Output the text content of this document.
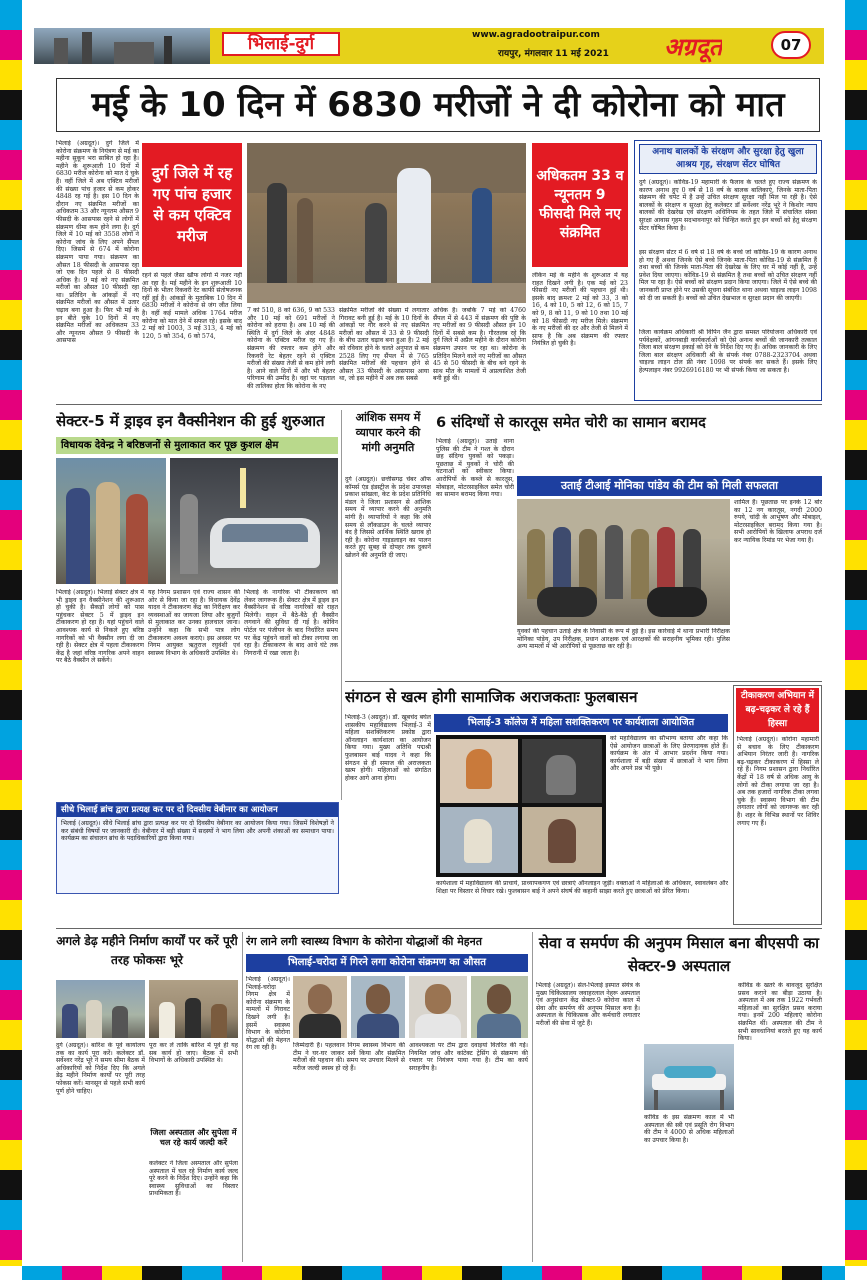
भिलाई-दुर्ग	www.agradootraipur.com
रायपुर, मंगलवार 11 मई 2021 अग्रदूत	07
मई के 10 दिन में 6830 मरीजों ने दी कोरोना को मात
भिलाई (अग्रदूत)। दुर्ग जिले में कोरोना संक्रमण के नियंत्रण से मई का महीना सुकून भरा साबित हो रहा है। महीने के शुरूआती 10 दिनों में 6830 मरीज कोरोना को मात दे चुके हैं। वहीं जिले में अब एक्टिव मरीजों की संख्या पांच हजार से कम होकर 4848 रह गई है। इस 10 दिन के दौरान नए संक्रमित मरीजों का अधिकतम 33 और न्यूनतम औसत 9 फीसदी के आसपास रहने से लोगों में संक्रमण धीमा कम होने लगा है। दुर्ग जिले में 10 मई को 3558 लोगों ने कोरोना जांच के लिए अपने सैंपल दिए। जिसमें से 674 में कोरोना संक्रमण पाया गया। संक्रमण का औसत 18 फीसदी के आसपास रहा जो एक दिन पहले से 8 फीसदी अधिक है। 9 मई को नए संक्रमित मरीजों का औसत 10 फीसदी रहा था। प्रतिदिन के आंकड़ों में नए संक्रमित मरीजों का औसत में उतार चढ़ाव बना हुआ है। फिर भी मई के इन बीते चुके 10 दिनों में नए संक्रमित मरीजों का अधिकतम 33 और न्यूनतम औसत 9 फीसदी के आसपास
दुर्ग जिले में रह गए पांच हजार से कम एक्टिव मरीज
अधिकतम 33 व न्यूनतम 9 फीसदी मिले नए संक्रमित
रहने से पहले जैसा खौफ लोगों में नजर नहीं आ रहा है। मई महीने के इन शुरूआती 10 दिनों के भीतर रिकवरी रेट काफी संतोषजनक रहीं हुई है। आंकड़ों के मुताबिक 10 दिन में 6830 मरीजों ने कोरोना से जंग जीत लिया है। वहीं कई मामले अधिक 1764 मरीज कोरोना को मात देने में सफल रहे। इसके बाद 2 मई को 1003, 3 मई 313, 4 मई को 120, 5 को 354, 6 को 574,
7 को 510, 8 को 636, 9 को 533 और 10 मई को 691 मरीजों ने कोरोना को हराया है। अब 10 मई की स्थिति में दुर्ग जिले के अंदर 4848 कोरोना के एक्टिव मरीज रह गए हैं। संक्रमण की रफ्तार कम होने और रिकवरी रेट बेहतर रहने से एक्टिव मरीजों की संख्या तेजी से कम होने लगी है। आने वाले दिनों में और भी बेहतर परिणाम की उम्मीद है। वहां पर पड़ताल की तालिका होता कि कोरोना के नए
संक्रमित मरीजों की संख्या में लगातार गिरावट बनी हुई है। मई के 10 दिनों के आंकड़ों पर गौर करने से नए संक्रमित मरीजों का औसत में 33 से 9 फीसदी के बीच उतार चढ़ाव बना हुआ है। 2 मई को रविवार होने के चलते अनुपात से कम 2528 लिए गए सैंपल में से 765 संक्रमित मरीजों की पहचान होने से औसत 33 फीसदी के आसपास आया था, जो इस महीने में अब तक सबसे
अधिक है। जबकि 7 मई को 4760 सैंपल में से 443 में संक्रमण की पुष्टि के नए मरीजों का 9 फीसदी औसत इन 10 दिनों में सबसे कम है। गौरतलब रहे कि दुर्ग जिले में अप्रैल महीने के दौरान कोरोना संक्रमण उफान पर रहा था। कोरोना के प्रतिदिन मिलने वाले नए मरीजों का औसत 45 से 50 फीसदी के बीच बने रहने के साथ मौत के मामलों में अप्रत्याशित तेजी बनी हुई थी।
लेकिन मई के महीने के शुरूआत में यह राहत दिखने लगी है। एक मई को 23 फीसदी नए मरीजों की पहचान हुई थी। इसके बाद क्रमशः 2 मई को 33, 3 को 16, 4 को 10, 5 को 12, 6 को 15, 7 को 9, 8 को 11, 9 को 10 तथा 10 मई को 18 फीसदी नए मरीज मिले। संक्रमण के नए मरीजों की दर और तेजी से मिलने में साफ है कि अब संक्रमण की रफ्तार नियंत्रित हो चुकी है।
अनाथ बालकों के संरक्षण और सुरक्षा हेतु खुला आश्रय गृह, संरक्षण सेंटर घोषित
दुर्ग (अग्रदूत)। कोविड-19 महामारी के फैलाव के चलते हुए राज्य संक्रमण के कारण अनाथ हुए 0 वर्ष से 18 वर्ष के बालक बालिकाएं, जिनके माता-पिता संक्रमण की चपेट में है उन्हें उचित संरक्षण सुरक्षा नहीं मिल पा रही है। ऐसे बालकों के संरक्षण व सुरक्षा हेतु कलेक्टर डॉ सर्वेश्वर नरेंद्र भूरे ने किशोर न्याय बालकों की देखरेख एवं संरक्षण अधिनियम के तहत जिले में संचालित संस्था सुरक्षा आवास गृहम सदभावनापुर को चिन्हित करते हुए इन बच्चों को हेतु संरक्षण सेंटर घोषित किया है।
इस संरक्षण सेंटर में 6 वर्ष से 18 वर्ष के बच्चे जो कोविड-19 के कारण अनाथ हो गए हैं अथवा जिनके ऐसे बच्चे जिनके माता-पिता कोविड-19 से संक्रमित हैं तथा बच्चों की जिनके माता-पिता की देखरेख के लिए घर में कोई नहीं है, उन्हें प्रवेश दिया जाएगा। कोविड-19 से संक्रमित है तथा बच्चों को उचित संरक्षण नहीं मिल पा रहा है। ऐसे बच्चों को संरक्षण प्रदान किया जाएगा। जिले में ऐसे बच्चे की जानकारी प्राप्त होने पर उसकी सूचना संबंधित थाना अथवा चाइल्ड लाइन 1098 को दी जा सकती है। बच्चों को उचित देखभाल व सुरक्षा प्रदान की जाएगी।
जिला कार्यक्रम अधिकारी श्री विपिन जैन द्वारा समस्त परियोजना अधिकारी एवं पर्यवेक्षकों, आंगनबाड़ी कार्यकर्ताओं को ऐसे अनाथ बच्चों की जानकारी तत्काल जिला बाल संरक्षण इकाई को देने के निर्देश दिए गए हैं। अधिक जानकारी के लिए जिला बाल संरक्षण अधिकारी श्री के संपर्क नंबर 0788-2323704 अथवा चाइल्ड लाइन टोल फ्री नंबर 1098 पर संपर्क कर सकते हैं। इसके लिए हेल्पलाइन नंबर 9926916180 पर भी संपर्क किया जा सकता है।
सेक्टर-5 में ड्राइव इन वैक्सीनेशन की हुई शुरुआत
विधायक देवेन्द्र ने बरिष्ठजनों से मुलाकात कर पूछ कुशल क्षेम
भिलाई (अग्रदूत)। भिलाई सेक्टर क्षेत्र में भी ड्राइव इन वैक्सीनेशन की शुरूआत हो चुकी है। सैकड़ों लोगों को पास पहुंचकर सेक्टर 5 में ड्राइव इन टीकाकरण हो रहा है। यहां पहुंचने वाले आवश्यक कार्य से निकले हुए बरिष्ठ नागरिकों को भी वैक्सीन लगा दी जा रही है। सेक्टर क्षेत्र में पहला टीकाकरण केंद्र है जहां वरिष्ठ नागरिक अपने वाहन पर बैठे वैक्सीन ले सकेंगे।
यह निगम प्रशासन एवं राज्य शासन की ओर से किया जा रहा है। विधायक देवेंद्र यादव ने टीकाकरण केंद्र का निरीक्षण कर व्यवस्थाओं का जायजा लिया और बुजुर्गों से मुलाकात कर उनका हालचाल जाना। उन्होंने कहा कि सभी पात्र लोग टीकाकरण अवश्य कराएं। इस अवसर पर निगम आयुक्त ऋतुराज रघुवंशी एवं स्वास्थ्य विभाग के अधिकारी उपस्थित थे।
भिलाई के नागरिक भी टीकाकरण को लेकर जागरूक हैं। सेक्टर क्षेत्र में ड्राइव इन वैक्सीनेशन से वरिष्ठ नागरिकों को राहत मिलेगी। वाहन में बैठे-बैठे ही वैक्सीन लगवाने की सुविधा दी गई है। कोविन पोर्टल पर पंजीयन के बाद निर्धारित समय पर केंद्र पहुंचने वालों को टीका लगाया जा रहा है। टीकाकरण के बाद आधे घंटे तक निगरानी में रखा जाता है।
आंशिक समय में व्यापार करने की मांगी अनुमति
दुर्ग (अग्रदूत)। छत्तीसगढ़ चेंबर ऑफ कॉमर्स एंड इंडस्ट्रीज के प्रदेश उपाध्यक्ष प्रकाश सांखला, केट के प्रदेश प्रतिनिधि मंडल ने जिला प्रशासन से आंशिक समय में व्यापार करने की अनुमति मांगी है। व्यापारियों ने कहा कि लंबे समय से लॉकडाउन के चलते व्यापार बंद है जिससे आर्थिक स्थिति खराब हो रही है। कोरोना गाइडलाइन का पालन करते हुए सुबह से दोपहर तक दुकानें खोलने की अनुमति दी जाए।
6 संदिग्धों से कारतूस समेत चोरी का सामान बरामद
भिलाई (अग्रदूत)। उताई थाना पुलिस की टीम ने गश्त के दौरान छह संदिग्ध युवकों को पकड़ा। पूछताछ में युवकों ने चोरी की घटनाओं को स्वीकार किया। आरोपियों के कब्जे से कारतूस, मोबाइल, मोटरसाइकिल समेत चोरी का सामान बरामद किया गया।
उताई टीआई मोनिका पांडेय की टीम को मिली सफलता
शामिल हैं। पूछताछ पर इनके 12 बोर का 12 नग कारतूस, नगदी 2000 रुपये, चांदी के आभूषण और मोबाइल, मोटरसाइकिल बरामद किया गया है। सभी आरोपियों के खिलाफ अपराध दर्ज कर न्यायिक रिमांड पर भेजा गया है।
युवकों की पहचान उताई क्षेत्र के निवासी के रूप में हुई है। इस कार्रवाई में थाना प्रभारी निरीक्षक मोनिका पांडेय, उप निरीक्षक, प्रधान आरक्षक एवं आरक्षकों की सराहनीय भूमिका रही। पुलिस अन्य मामलों में भी आरोपियों से पूछताछ कर रही है।
संगठन से खत्म होगी सामाजिक अराजकताः फुलबासन
भिलाई-3 (अग्रदूत)। डॉ. खूबचंद बघेल शासकीय महाविद्यालय भिलाई-3 में महिला सशक्तिकरण प्रकोष्ठ द्वारा ऑनलाइन कार्यशाला का आयोजन किया गया। मुख्य अतिथि पद्मश्री फुलबासन बाई यादव ने कहा कि संगठन से ही समाज की अराजकता खत्म होगी। महिलाओं को संगठित होकर आगे आना होगा।
भिलाई-3 कॉलेज में महिला सशक्तिकरण पर कार्यशाला आयोजित
को महाविद्यालय का सौभाग्य बताया और कहा कि ऐसे आयोजन छात्राओं के लिए प्रेरणादायक होते हैं। कार्यक्रम के अंत में आभार प्रदर्शन किया गया। कार्यशाला में बड़ी संख्या में छात्राओं ने भाग लिया और अपने प्रश्न भी पूछे।
कार्यशाला में महाविद्यालय की प्राचार्य, प्राध्यापकगण एवं छात्राएं ऑनलाइन जुड़ीं। वक्ताओं ने महिलाओं के अधिकार, स्वावलंबन और शिक्षा पर विस्तार से विचार रखे। फुलबासन बाई ने अपने संघर्ष की कहानी साझा करते हुए छात्राओं को प्रेरित किया।
टीकाकरण अभियान में बढ़-चढ़कर ले रहे हैं हिस्सा
भिलाई (अग्रदूत)। कोरोना महामारी से बचाव के लिए टीकाकरण अभियान निरंतर जारी है। नागरिक बढ़-चढ़कर टीकाकरण में हिस्सा ले रहे हैं। निगम प्रशासन द्वारा निर्धारित केंद्रों में 18 वर्ष से अधिक आयु के लोगों को टीका लगाया जा रहा है। अब तक हजारों नागरिक टीका लगवा चुके हैं। स्वास्थ्य विभाग की टीम लगातार लोगों को जागरूक कर रही है। शहर के विभिन्न स्थानों पर शिविर लगाए गए हैं।
सीधे भिलाई ब्रांच द्वारा प्रत्यक्ष कर पर दो दिवसीय वेबीनार का आयोजन
भिलाई (अग्रदूत)। सीधे भिलाई ब्रांच द्वारा प्रत्यक्ष कर पर दो दिवसीय वेबीनार का आयोजन किया गया। जिसमें विशेषज्ञों ने कर संबंधी विषयों पर जानकारी दी। वेबीनार में बड़ी संख्या में सदस्यों ने भाग लिया और अपनी शंकाओं का समाधान पाया। कार्यक्रम का संचालन ब्रांच के पदाधिकारियों द्वारा किया गया।
अगले डेढ़ महीने निर्माण कार्यों पर करें पूरी तरह फोकसः भूरे
दुर्ग (अग्रदूत)। बारिश के पूर्व कार्यालय तक का कार्य पूरा करें। कलेक्टर डॉ. सर्वेश्वर नरेंद्र भूरे ने समय सीमा बैठक में अधिकारियों को निर्देश दिए कि अगले डेढ़ महीने निर्माण कार्यों पर पूरी तरह फोकस करें। मानसून से पहले सभी कार्य पूर्ण होने चाहिए।
पूरा कर लें ताकि बारिश में पूर्व ही यह सब कार्य हो जाए। बैठक में सभी विभागों के अधिकारी उपस्थित थे।
जिला अस्पताल और सुपेला में चल रहे कार्य जल्दी करें
कलेक्टर ने जिला अस्पताल और सुपेला अस्पताल में चल रहे निर्माण कार्य जल्द पूरे करने के निर्देश दिए। उन्होंने कहा कि स्वास्थ्य सुविधाओं का विस्तार प्राथमिकता है।
रंग लाने लगी स्वास्थ्य विभाग के कोरोना योद्धाओं की मेहनत
भिलाई-चरोदा में गिरने लगा कोरोना संक्रमण का औसत
भिलाई (अग्रदूत)। भिलाई-चरोदा निगम क्षेत्र में कोरोना संक्रमण के मामलों में गिरावट दिखने लगी है। इसमें स्वास्थ्य विभाग के कोरोना योद्धाओं की मेहनत रंग ला रही है।	जिम्मेदारी है। पहलवान निगम स्वास्थ्य विभाग की टीम ने घर-घर जाकर सर्वे किया और संक्रमित मरीजों की पहचान की। समय पर उपचार मिलने से मरीज जल्दी स्वस्थ हो रहे हैं।
आवश्यकता पर टीम द्वारा दवाइयां वितरित की गईं। नियमित जांच और कांटेक्ट ट्रेसिंग से संक्रमण की रफ्तार पर नियंत्रण पाया गया है। टीम का कार्य सराहनीय है।
सेवा व समर्पण की अनुपम मिसाल बना बीएसपी का सेक्टर-9 अस्पताल
भिलाई (अग्रदूत)। सेल-भिलाई इस्पात संयंत्र के मुख्य चिकित्सालय जवाहरलाल नेहरू अस्पताल एवं अनुसंधान केंद्र सेक्टर-9 कोरोना काल में सेवा और समर्पण की अनुपम मिसाल बना है। अस्पताल के चिकित्सक और कर्मचारी लगातार मरीजों की सेवा में जुटे हैं।
कोविड के खतरे के बावजूद सुरक्षित प्रसव कराने का बीड़ा उठाया है। अस्पताल में अब तक 1922 गर्भवती महिलाओं का सुरक्षित प्रसव कराया गया। इनमें 200 महिलाएं कोरोना संक्रमित थीं। अस्पताल की टीम ने सभी सावधानियां बरतते हुए यह कार्य किया।
कोविड के इस संक्रमण काल में भी अस्पताल की स्त्री एवं प्रसूति रोग विभाग की टीम ने 4000 से अधिक महिलाओं का उपचार किया है।
